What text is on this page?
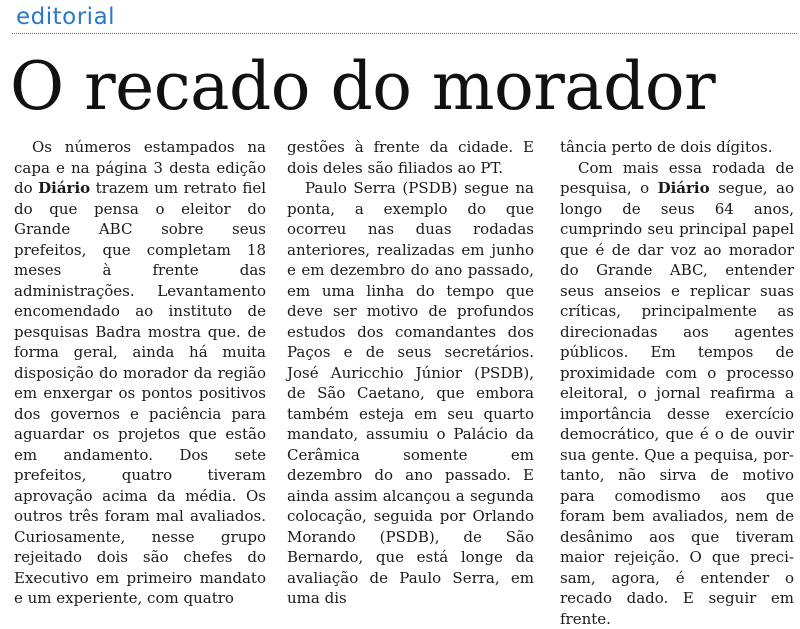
editorial
O recado do morador

Os números estampados na capa e na página 3 desta edição do Diário trazem um retrato fiel do que pensa o eleitor do Grande ABC sobre seus prefeitos, que completam 18 meses à frente das administrações. Levantamento encomendado ao instituto de pesquisas Badra mostra que. de forma geral, ainda há muita disposição do morador da região em enxergar os pontos positivos dos governos e paciência para aguardar os projetos que estão em andamento. Dos sete prefeitos, quatro tiveram aprovação acima da média. Os outros três foram mal avaliados. Curiosamente, nesse grupo rejeitado dois são chefes do Executivo em primeiro mandato e um experiente, com quatro

gestões à frente da cidade. E dois deles são filiados ao PT.

Paulo Serra (PSDB) segue na ponta, a exemplo do que ocorreu nas duas rodadas anteriores, realizadas em junho e em dezembro do ano passado, em uma linha do tempo que deve ser motivo de profundos estudos dos comandantes dos Paços e de seus secretários. José Auricchio Júnior (PSDB), de São Caetano, que embora também esteja em seu quarto mandato, assumiu o Palácio da Cerâmica somente em dezembro do ano passado. E ainda assim alcançou a segunda colocação, seguida por Orlando Morando (PSDB), de São Bernardo, que está longe da avaliação de Paulo Serra, em uma dis

tância perto de dois dígitos.

Com mais essa rodada de pesquisa, o Diário segue, ao longo de seus 64 anos, cumprindo seu principal papel que é de dar voz ao morador do Grande ABC, entender seus anseios e replicar suas críticas, principalmente as direcionadas aos agentes públicos. Em tempos de proximidade com o processo eleitoral, o jornal reafirma a importância desse exercício democrático, que é o de ouvir sua gente. Que a pequisa, portanto, não sirva de motivo para comodismo aos que foram bem avaliados, nem de desânimo aos que tiveram maior rejeição. O que precisam, agora, é entender o recado dado. E seguir em frente.
